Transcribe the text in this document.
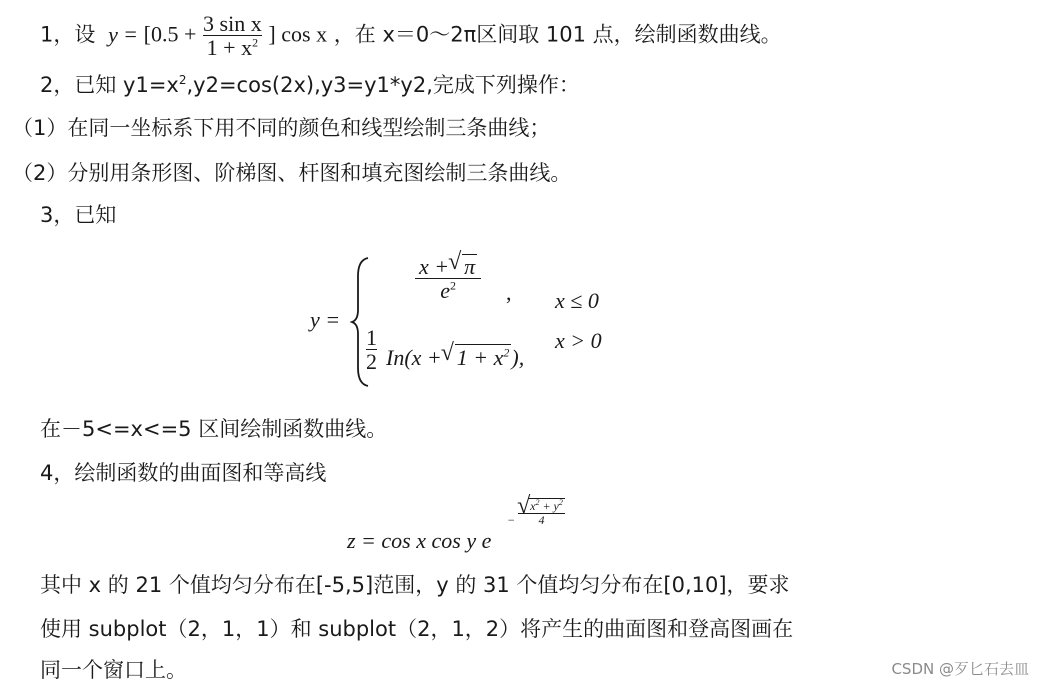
1，设 $y = [0.5 + \frac{\text{3 sin x}}{1 + x^2}$ ] cos x ，在 x＝0～2π区间取 101 点，绘制函数曲线。
2，已知 $y1=x^2,y2=\cos(2x),y3=y1*y2$,完成下列操作：
（1）在同一坐标系下用不同的颜色和线型绘制三条曲线；
（2）分别用条形图、阶梯图、杆图和填充图绘制三条曲线。
3，已知
y =
$\frac{x + √ \pi}{e^2}$ , x ≤ 0
$\frac{1}{2} In(x$ + √ $1 + x^2$),
x > 0
在－5<=x<=5 区间绘制函数曲线。
4，绘制函数的曲面图和等高线
z = cos x cos y e
− √ $\frac{x^2 + y^2}{4}$
其中 x 的 21 个值均匀分布在[-5,5]范围，y 的 31 个值均匀分布在[0,10]，要求
使用 subplot（2，1，1）和 subplot（2，1，2）将产生的曲面图和登高图画在
同一个窗口上。	CSDN @歹匕石去皿
